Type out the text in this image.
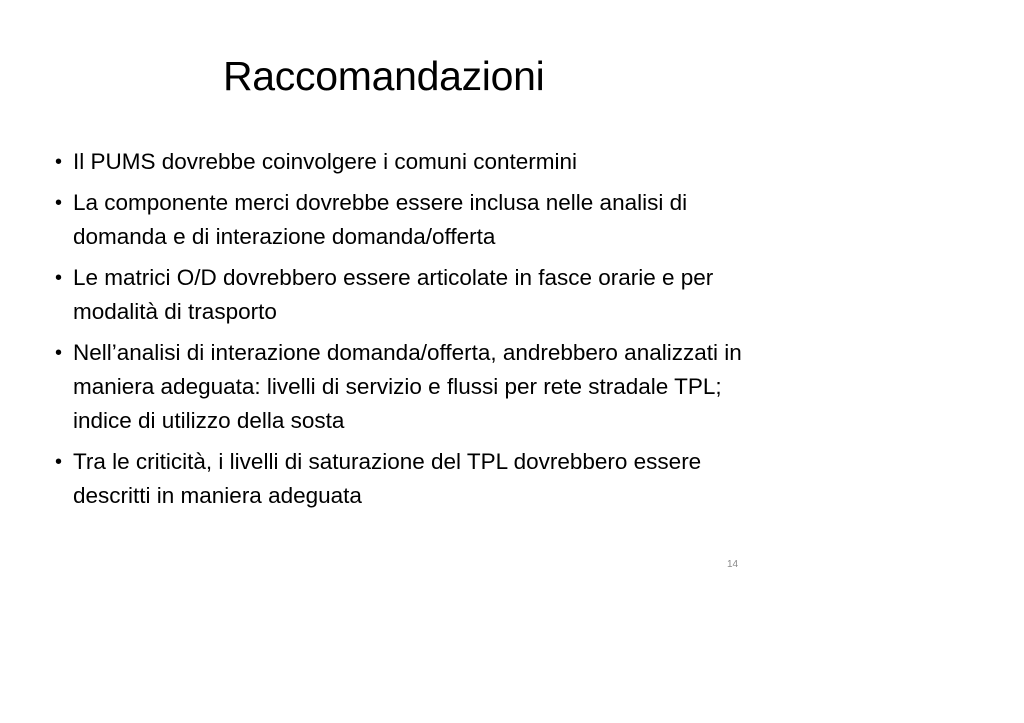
Raccomandazioni
• Il PUMS dovrebbe coinvolgere i comuni contermini
• La componente merci dovrebbe essere inclusa nelle analisi di domanda e di interazione domanda/offerta
• Le matrici O/D dovrebbero essere articolate in fasce orarie e per modalità di trasporto
• Nell’analisi di interazione domanda/offerta, andrebbero analizzati in maniera adeguata: livelli di servizio e flussi per rete stradale TPL; indice di utilizzo della sosta
• Tra le criticità, i livelli di saturazione del TPL dovrebbero essere descritti in maniera adeguata
14
